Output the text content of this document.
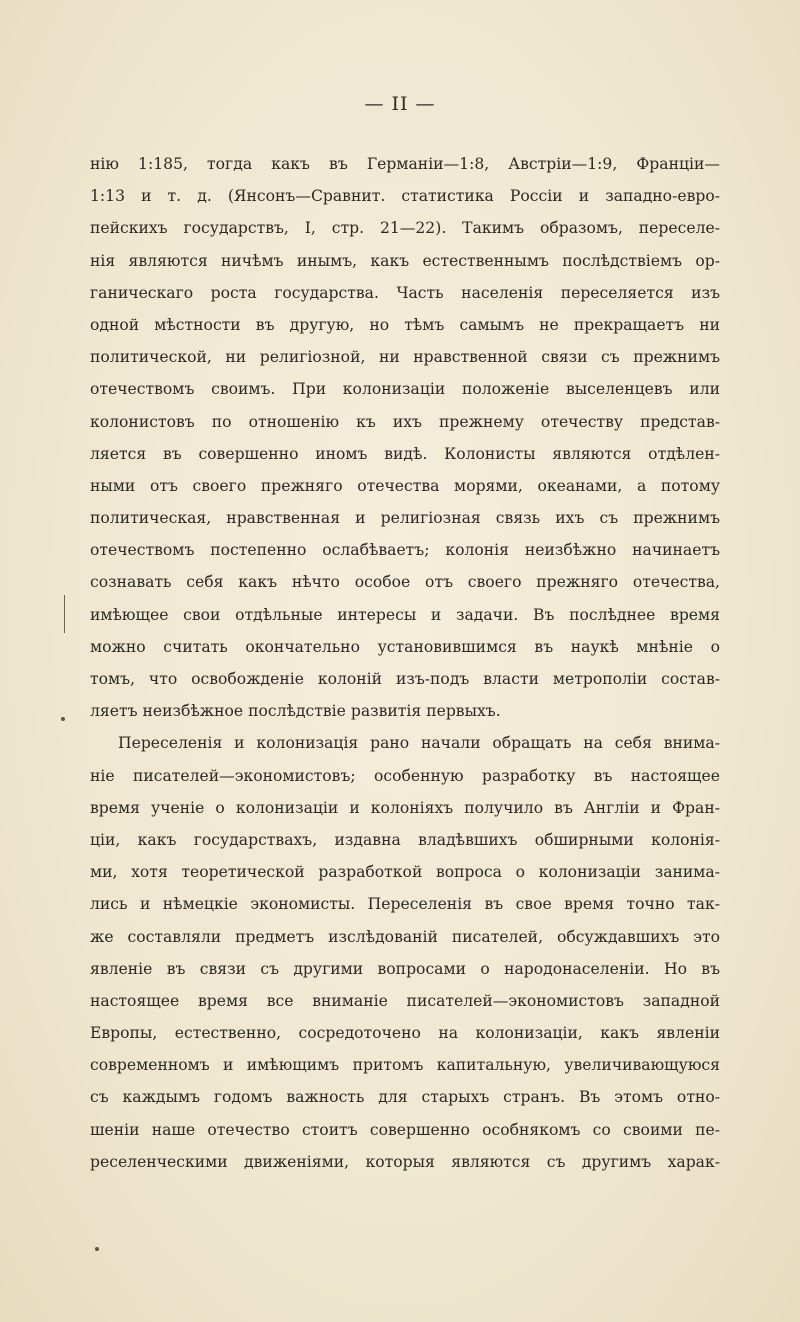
— II —
нію 1:185, тогда какъ въ Германіи—1:8, Австріи—1:9, Франціи—
1:13 и т. д. (Янсонъ—Сравнит. статистика Россіи и западно-евро-
пейскихъ государствъ, I, стр. 21—22). Такимъ образомъ, переселе-
нія являются ничѣмъ инымъ, какъ естественнымъ послѣдствіемъ ор-
ганическаго роста государства. Часть населенія переселяется изъ
одной мѣстности въ другую, но тѣмъ самымъ не прекращаетъ ни
политической, ни религіозной, ни нравственной связи съ прежнимъ
отечествомъ своимъ. При колонизаціи положеніе выселенцевъ или
колонистовъ по отношенію къ ихъ прежнему отечеству представ-
ляется въ совершенно иномъ видѣ. Колонисты являются отдѣлен-
ными отъ своего прежняго отечества морями, океанами, а потому
политическая, нравственная и религіозная связь ихъ съ прежнимъ
отечествомъ постепенно ослабѣваетъ; колонія неизбѣжно начинаетъ
сознавать себя какъ нѣчто особое отъ своего прежняго отечества,
имѣющее свои отдѣльные интересы и задачи. Въ послѣднее время
можно считать окончательно установившимся въ наукѣ мнѣніе о
томъ, что освобожденіе колоній изъ-подъ власти метрополіи состав-
ляетъ неизбѣжное послѣдствіе развитія первыхъ.
Переселенія и колонизація рано начали обращать на себя внима-
ніе писателей—экономистовъ; особенную разработку въ настоящее
время ученіе о колонизаціи и колоніяхъ получило въ Англіи и Фран-
ціи, какъ государствахъ, издавна владѣвшихъ обширными колонія-
ми, хотя теоретической разработкой вопроса о колонизаціи занима-
лись и нѣмецкіе экономисты. Переселенія въ свое время точно так-
же составляли предметъ изслѣдованій писателей, обсуждавшихъ это
явленіе въ связи съ другими вопросами о народонаселеніи. Но въ
настоящее время все вниманіе писателей—экономистовъ западной
Европы, естественно, сосредоточено на колонизаціи, какъ явленіи
современномъ и имѣющимъ притомъ капитальную, увеличивающуюся
съ каждымъ годомъ важность для старыхъ странъ. Въ этомъ отно-
шеніи наше отечество стоитъ совершенно особнякомъ со своими пе-
реселенческими движеніями, которыя являются съ другимъ харак-
